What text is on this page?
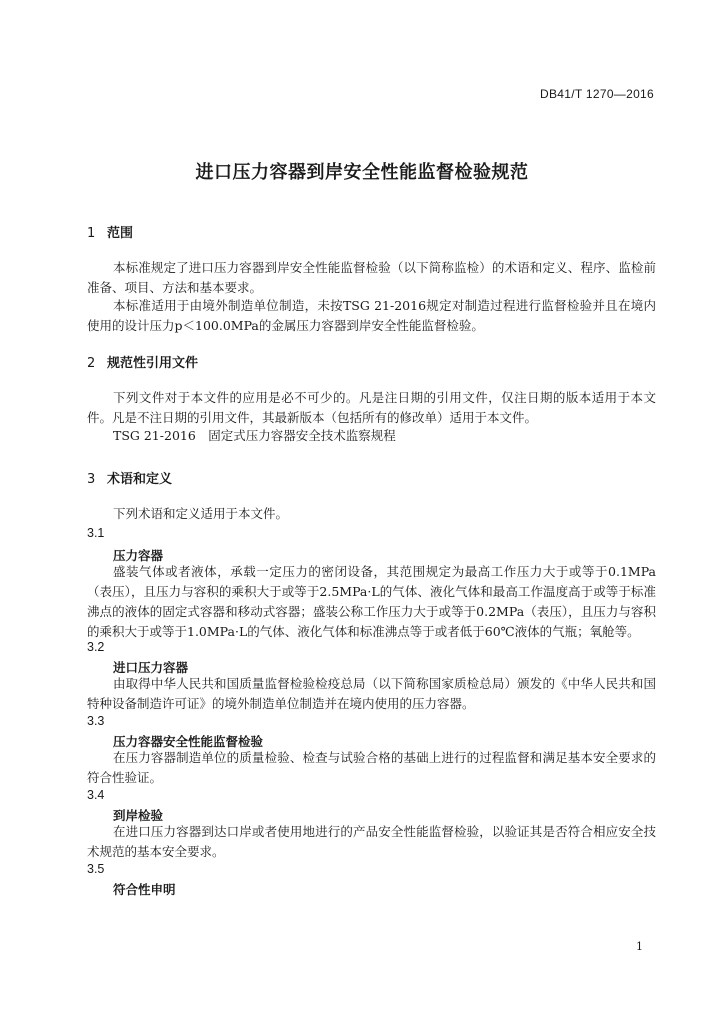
DB41/T 1270—2016
进口压力容器到岸安全性能监督检验规范
1 范围
本标准规定了进口压力容器到岸安全性能监督检验（以下简称监检）的术语和定义、程序、监检前准备、项目、方法和基本要求。
本标准适用于由境外制造单位制造，未按TSG 21-2016规定对制造过程进行监督检验并且在境内使用的设计压力p＜100.0MPa的金属压力容器到岸安全性能监督检验。
2 规范性引用文件
下列文件对于本文件的应用是必不可少的。凡是注日期的引用文件，仅注日期的版本适用于本文件。凡是不注日期的引用文件，其最新版本（包括所有的修改单）适用于本文件。
TSG 21-2016　固定式压力容器安全技术监察规程
3 术语和定义
下列术语和定义适用于本文件。
3.1
压力容器
盛装气体或者液体，承载一定压力的密闭设备，其范围规定为最高工作压力大于或等于0.1MPa（表压），且压力与容积的乘积大于或等于2.5MPa·L的气体、液化气体和最高工作温度高于或等于标准沸点的液体的固定式容器和移动式容器；盛装公称工作压力大于或等于0.2MPa（表压），且压力与容积的乘积大于或等于1.0MPa·L的气体、液化气体和标准沸点等于或者低于60℃液体的气瓶；氧舱等。
3.2
进口压力容器
由取得中华人民共和国质量监督检验检疫总局（以下简称国家质检总局）颁发的《中华人民共和国特种设备制造许可证》的境外制造单位制造并在境内使用的压力容器。
3.3
压力容器安全性能监督检验
在压力容器制造单位的质量检验、检查与试验合格的基础上进行的过程监督和满足基本安全要求的符合性验证。
3.4
到岸检验
在进口压力容器到达口岸或者使用地进行的产品安全性能监督检验，以验证其是否符合相应安全技术规范的基本安全要求。
3.5
符合性申明
1
